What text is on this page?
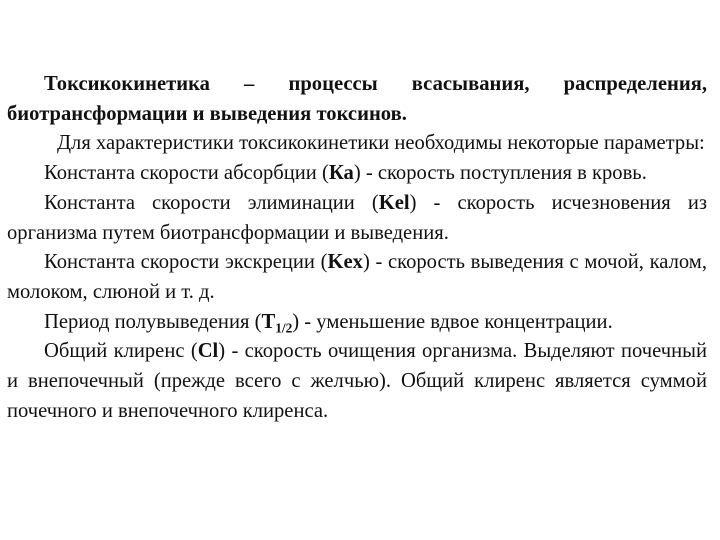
Токсикокинетика – процессы всасывания, распределения, биотрансформации и выведения токсинов.

Для характеристики токсикокинетики необходимы некоторые параметры:

Константа скорости абсорбции (Ка) - скорость поступления в кровь.

Константа скорости элиминации (Kel) - скорость исчезновения из организма путем биотрансформации и выведения.

Константа скорости экскреции (Kex) - скорость выведения с мочой, калом, молоком, слюной и т. д.

Период полувыведения $(Т_{1/2})$ - уменьшение вдвое концентрации.

Общий клиренс (Cl) - скорость очищения организма. Выделяют почечный и внепочечный (прежде всего с желчью). Общий клиренс является суммой почечного и внепочечного клиренса.
